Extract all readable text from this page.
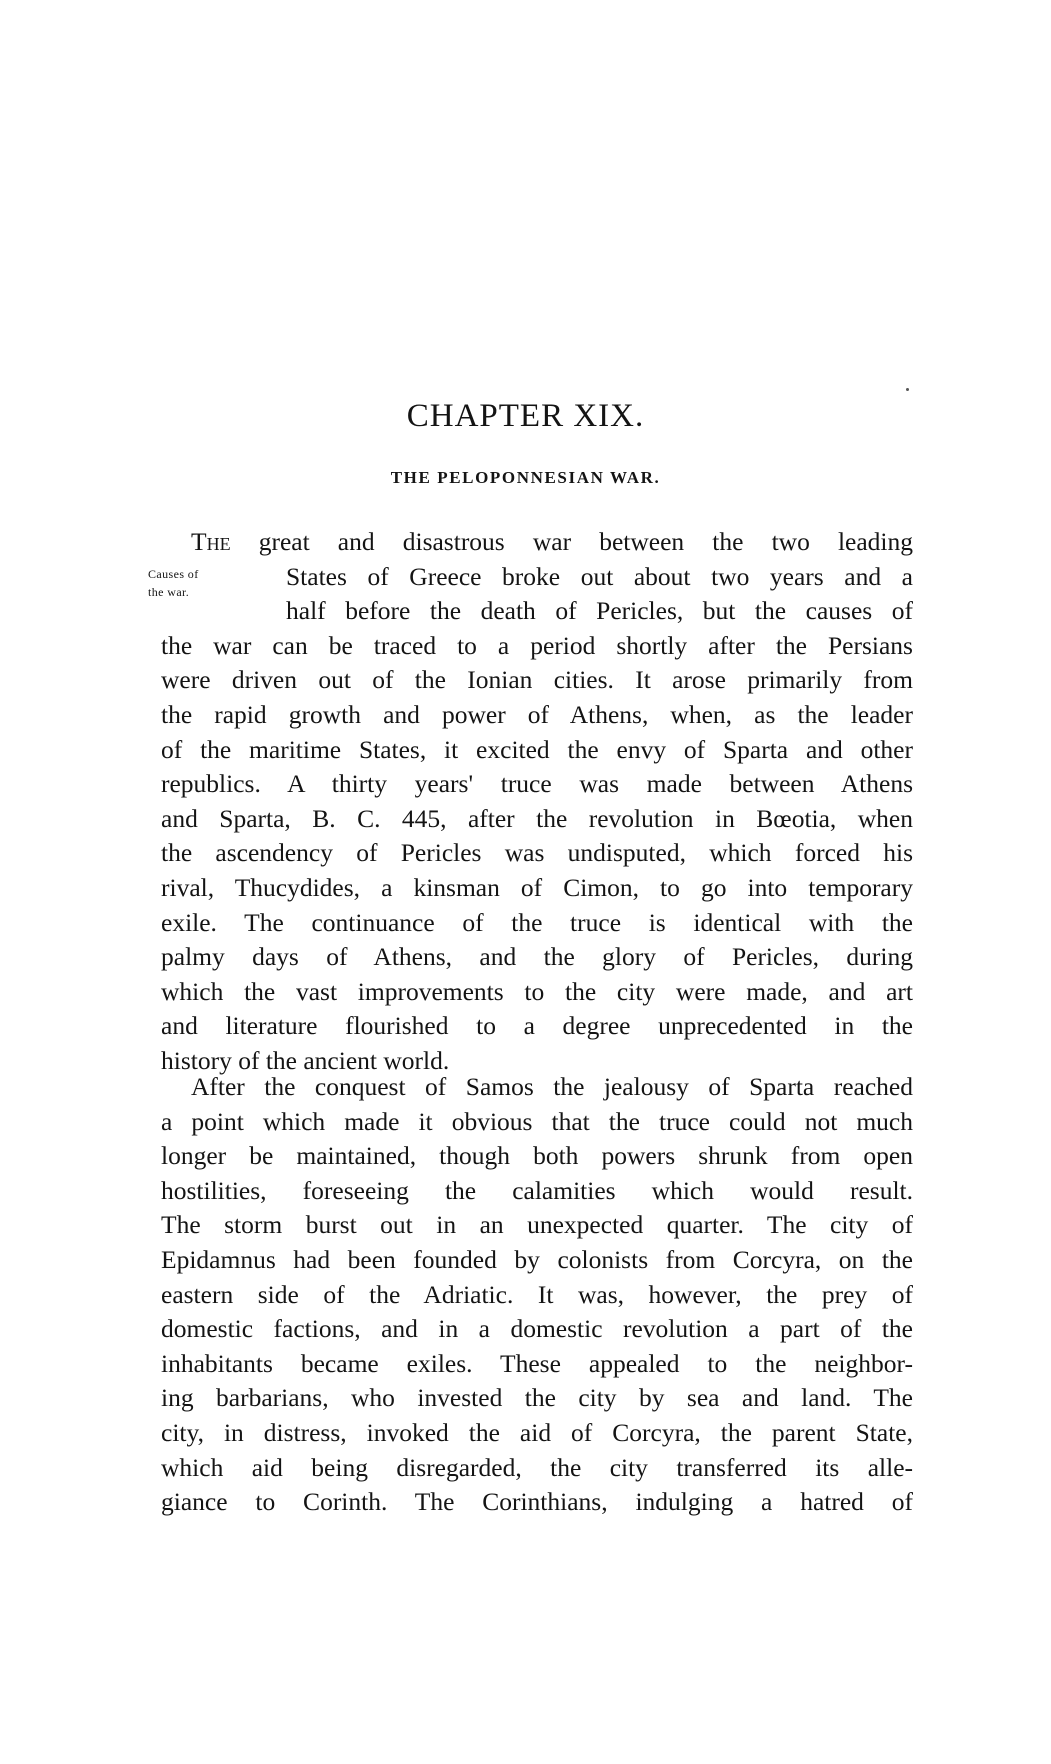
CHAPTER XIX.
THE PELOPONNESIAN WAR.
Causes of
the war.
The great and disastrous war between the two leading
States of Greece broke out about two years and a
half before the death of Pericles, but the causes of
the war can be traced to a period shortly after the Persians
were driven out of the Ionian cities. It arose primarily from
the rapid growth and power of Athens, when, as the leader
of the maritime States, it excited the envy of Sparta and other
republics. A thirty years' truce was made between Athens
and Sparta, B. C. 445, after the revolution in Bœotia, when
the ascendency of Pericles was undisputed, which forced his
rival, Thucydides, a kinsman of Cimon, to go into temporary
exile. The continuance of the truce is identical with the
palmy days of Athens, and the glory of Pericles, during
which the vast improvements to the city were made, and art
and literature flourished to a degree unprecedented in the
history of the ancient world.
After the conquest of Samos the jealousy of Sparta reached
a point which made it obvious that the truce could not much
longer be maintained, though both powers shrunk from open
hostilities, foreseeing the calamities which would result.
The storm burst out in an unexpected quarter. The city of
Epidamnus had been founded by colonists from Corcyra, on the
eastern side of the Adriatic. It was, however, the prey of
domestic factions, and in a domestic revolution a part of the
inhabitants became exiles. These appealed to the neighbor-
ing barbarians, who invested the city by sea and land. The
city, in distress, invoked the aid of Corcyra, the parent State,
which aid being disregarded, the city transferred its alle-
giance to Corinth. The Corinthians, indulging a hatred of
